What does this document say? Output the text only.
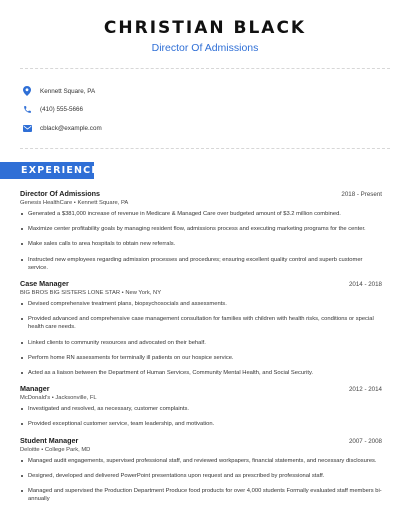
CHRISTIAN BLACK
Director Of Admissions
Kennett Square, PA
(410) 555-5666
cblack@example.com
EXPERIENCE
Director Of Admissions	2018 - Present
Genesis HealthCare • Kennett Square, PA
Generated a $381,000 increase of revenue in Medicare & Managed Care over budgeted amount of $3.2 million combined.
Maximize center profitability goals by managing resident flow, admissions process and executing marketing programs for the center.
Make sales calls to area hospitals to obtain new referrals.
Instructed new employees regarding admission processes and procedures; ensuring excellent quality control and superb customer service.
Case Manager	2014 - 2018
BIG BROS BIG SISTERS LONE STAR • New York, NY
Devised comprehensive treatment plans, biopsychosocials and assessments.
Provided advanced and comprehensive case management consultation for families with children with health risks, conditions or special health care needs.
Linked clients to community resources and advocated on their behalf.
Perform home RN assessments for terminally ill patients on our hospice service.
Acted as a liaison between the Department of Human Services, Community Mental Health, and Social Security.
Manager	2012 - 2014
McDonald's • Jacksonville, FL
Investigated and resolved, as necessary, customer complaints.
Provided exceptional customer service, team leadership, and motivation.
Student Manager	2007 - 2008
Deloitte • College Park, MD
Managed audit engagements, supervised professional staff, and reviewed workpapers, financial statements, and necessary disclosures.
Designed, developed and delivered PowerPoint presentations upon request and as prescribed by professional staff.
Managed and supervised the Production Department Produce food products for over 4,000 students Formally evaluated staff members bi-annually
